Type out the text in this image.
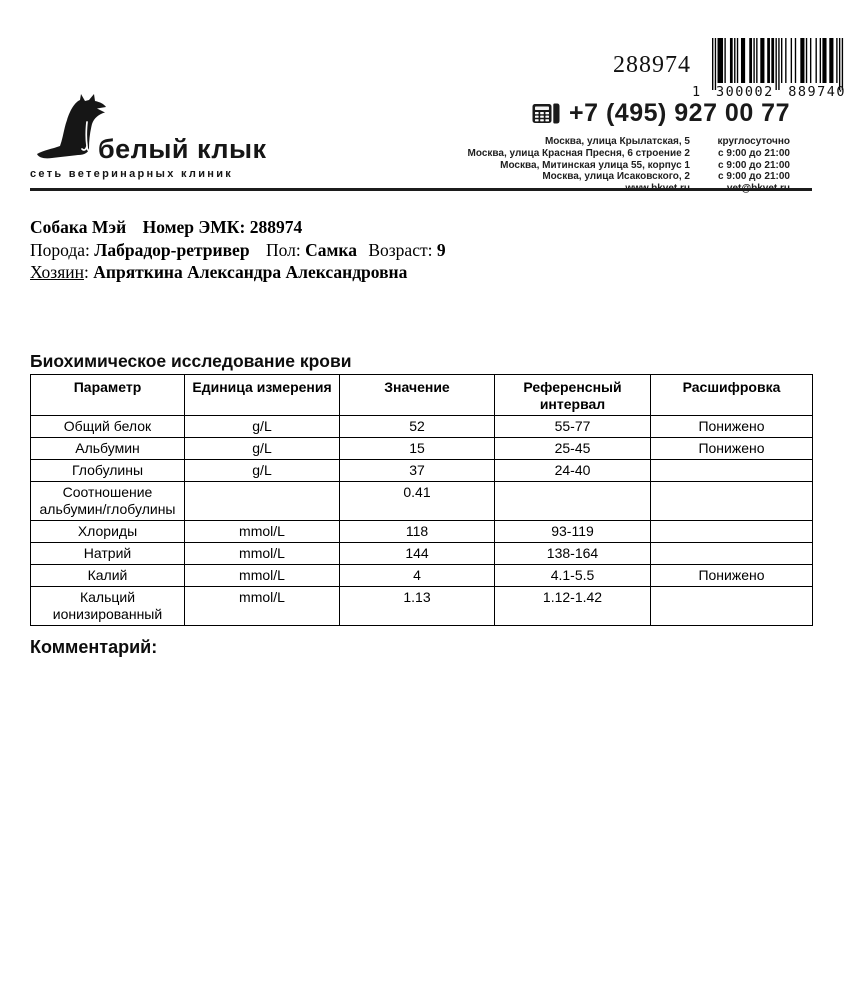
288974
1 300002 889740
+7 (495) 927 00 77
Москва, улица Крылатская, 5	круглосуточно
Москва, улица Красная Пресня, 6 строение 2	с 9:00 до 21:00
Москва, Митинская улица 55, корпус 1	с 9:00 до 21:00
Москва, улица Исаковского, 2	с 9:00 до 21:00
www.bkvet.ru	vet@bkvet.ru
белый клык
сеть ветеринарных клиник
Собака Мэй Номер ЭМК: 288974
Порода: Лабрадор-ретривер Пол: Самка Возраст: 9
Хозяин: Апряткина Александра Александровна
Биохимическое исследование крови
Параметр	Единица измерения	Значение	Референсный интервал	Расшифровка
Общий белок	g/L	52	55-77	Понижено
Альбумин	g/L	15	25-45	Понижено
Глобулины	g/L	37	24-40	
Соотношение альбумин/глобулины		0.41		
Хлориды	mmol/L	118	93-119	
Натрий	mmol/L	144	138-164	
Калий	mmol/L	4	4.1-5.5	Понижено
Кальций ионизированный	mmol/L	1.13	1.12-1.42	
Комментарий:
